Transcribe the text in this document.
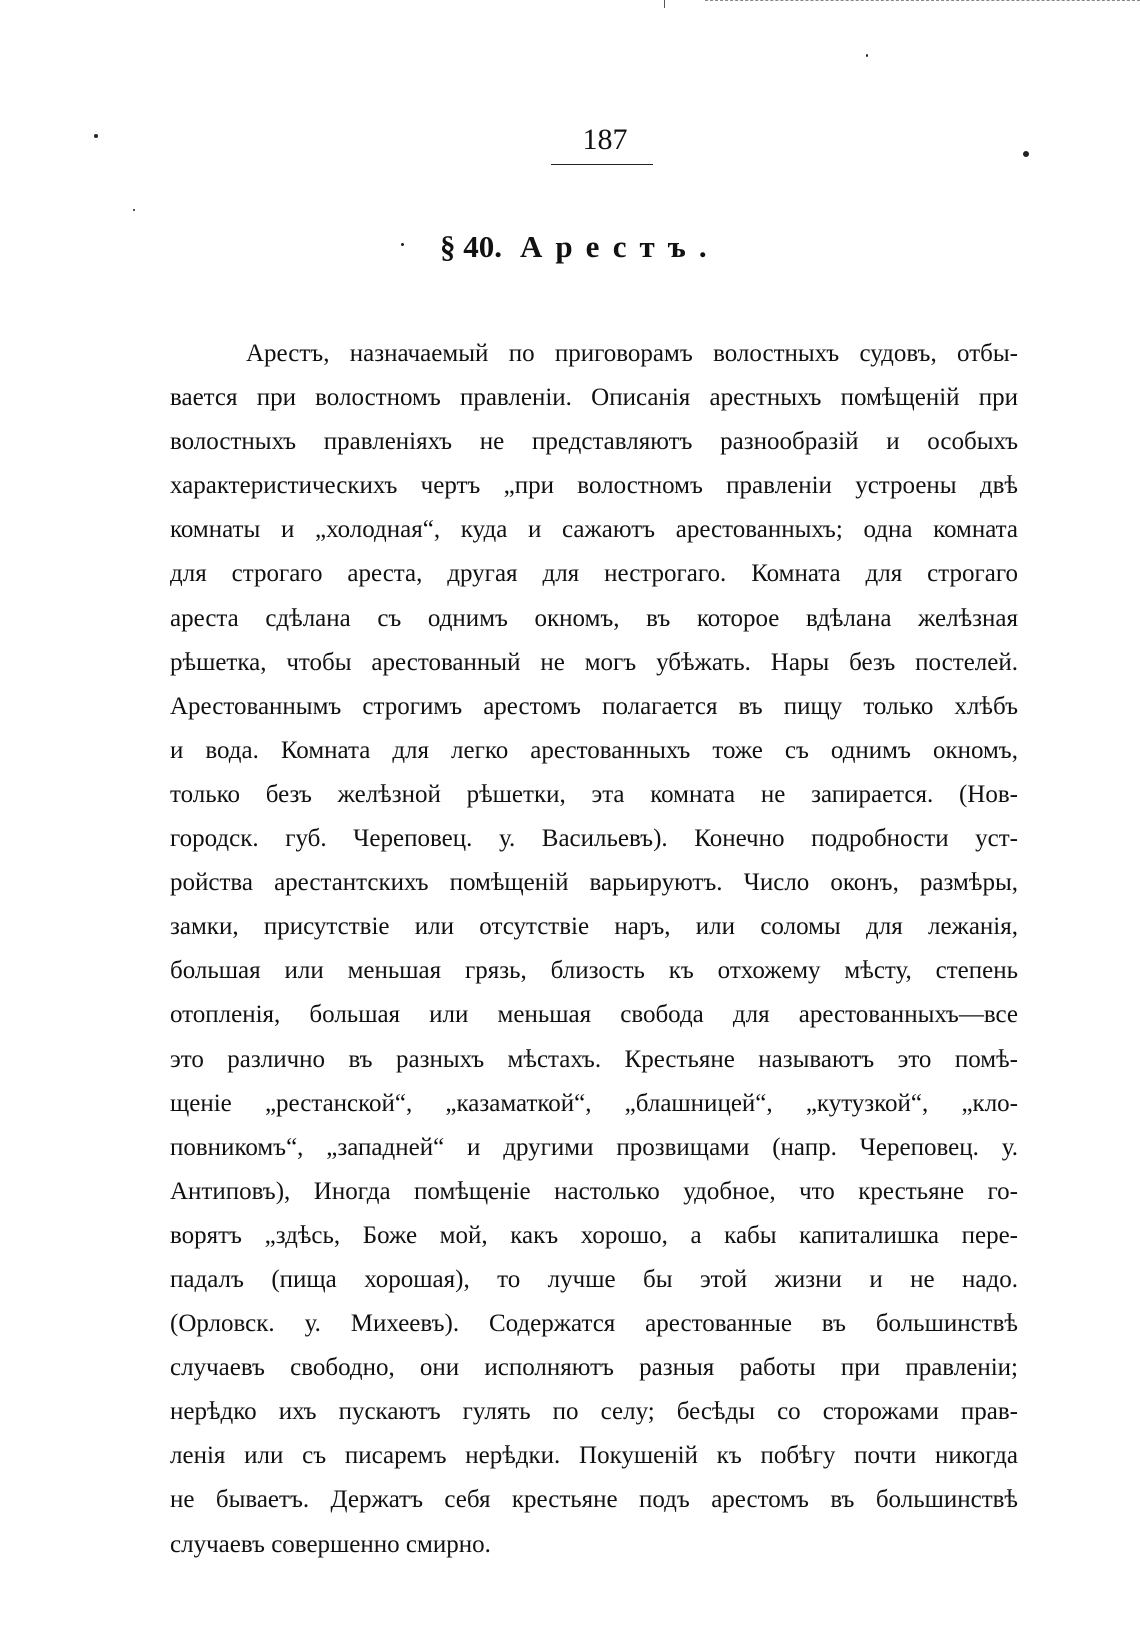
187
§ 40. Арестъ.
Арестъ, назначаемый по приговорамъ волостныхъ судовъ, отбы-
вается при волостномъ правленіи. Описанія арестныхъ помѣщеній при
волостныхъ правленіяхъ не представляютъ разнообразій и особыхъ
характеристическихъ чертъ „при волостномъ правленіи устроены двѣ
комнаты и „холодная“, куда и сажаютъ арестованныхъ; одна комната
для строгаго ареста, другая для нестрогаго. Комната для строгаго
ареста сдѣлана съ однимъ окномъ, въ которое вдѣлана желѣзная
рѣшетка, чтобы арестованный не могъ убѣжать. Нары безъ постелей.
Арестованнымъ строгимъ арестомъ полагается въ пищу только хлѣбъ
и вода. Комната для легко арестованныхъ тоже съ однимъ окномъ,
только безъ желѣзной рѣшетки, эта комната не запирается. (Нов-
городск. губ. Череповец. у. Васильевъ). Конечно подробности уст-
ройства арестантскихъ помѣщеній варьируютъ. Число оконъ, размѣры,
замки, присутствіе или отсутствіе наръ, или соломы для лежанія,
большая или меньшая грязь, близость къ отхожему мѣсту, степень
отопленія, большая или меньшая свобода для арестованныхъ—все
это различно въ разныхъ мѣстахъ. Крестьяне называютъ это помѣ-
щеніе „рестанской“, „казаматкой“, „блашницей“, „кутузкой“, „кло-
повникомъ“, „западней“ и другими прозвищами (напр. Череповец. у.
Антиповъ), Иногда помѣщеніе настолько удобное, что крестьяне го-
ворятъ „здѣсь, Боже мой, какъ хорошо, а кабы капиталишка пере-
падалъ (пища хорошая), то лучше бы этой жизни и не надо.
(Орловск. у. Михеевъ). Содержатся арестованные въ большинствѣ
случаевъ свободно, они исполняютъ разныя работы при правленіи;
нерѣдко ихъ пускаютъ гулять по селу; бесѣды со сторожами прав-
ленія или съ писаремъ нерѣдки. Покушеній къ побѣгу почти никогда
не бываетъ. Держатъ себя крестьяне подъ арестомъ въ большинствѣ
случаевъ совершенно смирно.
